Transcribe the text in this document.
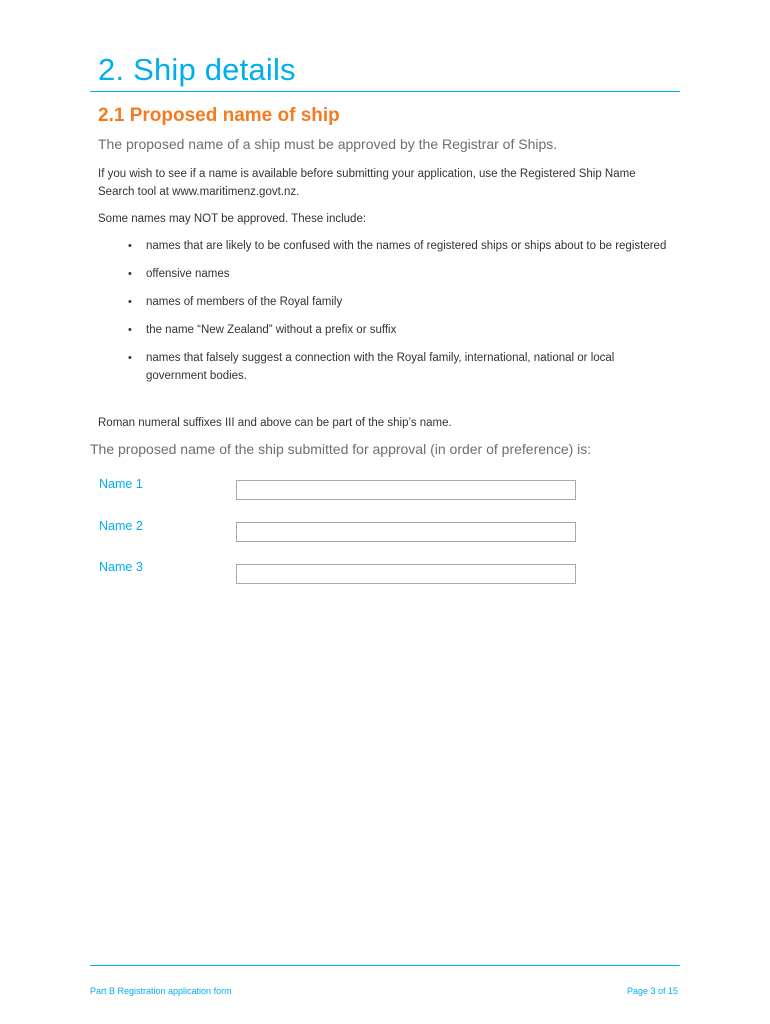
2. Ship details
2.1 Proposed name of ship
The proposed name of a ship must be approved by the Registrar of Ships.
If you wish to see if a name is available before submitting your application, use the Registered Ship Name Search tool at www.maritimenz.govt.nz.
Some names may NOT be approved. These include:
• names that are likely to be confused with the names of registered ships or ships about to be registered
• offensive names
• names of members of the Royal family
• the name “New Zealand” without a prefix or suffix
• names that falsely suggest a connection with the Royal family, international, national or local government bodies.
Roman numeral suffixes III and above can be part of the ship’s name.
The proposed name of the ship submitted for approval (in order of preference) is:
Name 1
Name 2
Name 3
Part B Registration application form	Page 3 of 15
